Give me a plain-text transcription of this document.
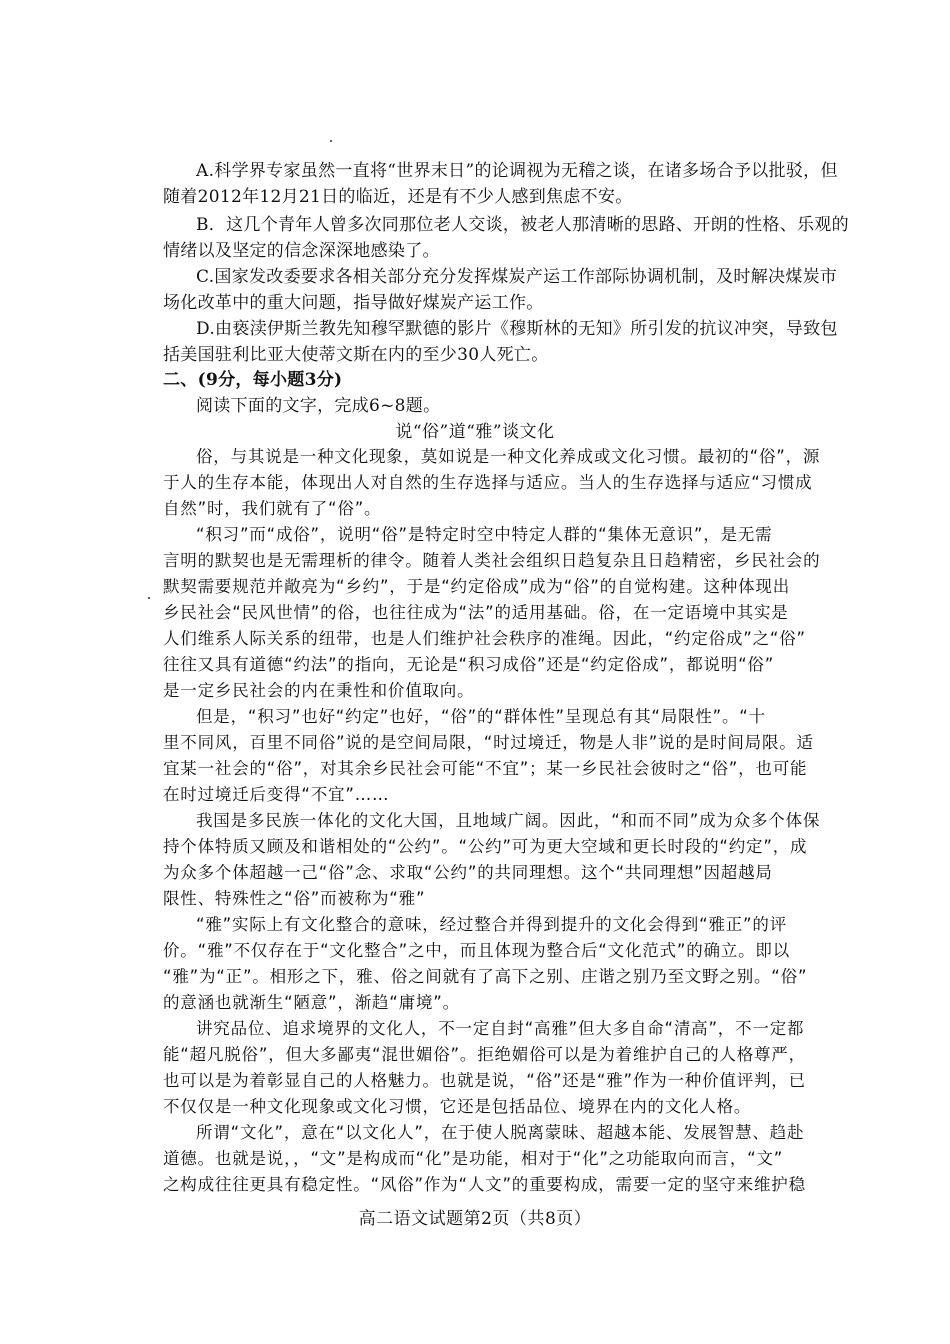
A.科学界专家虽然一直将“世界末日”的论调视为无稽之谈，在诸多场合予以批驳，但
随着2012年12月21日的临近，还是有不少人感到焦虑不安。
B．这几个青年人曾多次同那位老人交谈，被老人那清晰的思路、开朗的性格、乐观的
情绪以及坚定的信念深深地感染了。
C.国家发改委要求各相关部分充分发挥煤炭产运工作部际协调机制，及时解决煤炭市
场化改革中的重大问题，指导做好煤炭产运工作。
D.由亵渎伊斯兰教先知穆罕默德的影片《穆斯林的无知》所引发的抗议冲突，导致包
括美国驻利比亚大使蒂文斯在内的至少30人死亡。
二、(9分，每小题3分)
阅读下面的文字，完成6~8题。
说“俗”道“雅”谈文化
俗，与其说是一种文化现象，莫如说是一种文化养成或文化习惯。最初的“俗”，源
于人的生存本能，体现出人对自然的生存选择与适应。当人的生存选择与适应“习惯成
自然”时，我们就有了“俗”。
“积习”而“成俗”，说明“俗”是特定时空中特定人群的“集体无意识”，是无需
言明的默契也是无需理析的律令。随着人类社会组织日趋复杂且日趋精密，乡民社会的
默契需要规范并敞亮为“乡约”，于是“约定俗成”成为“俗”的自觉构建。这种体现出
乡民社会“民风世情”的俗，也往往成为“法”的适用基础。俗，在一定语境中其实是
人们维系人际关系的纽带，也是人们维护社会秩序的准绳。因此，“约定俗成”之“俗”
往往又具有道德“约法”的指向，无论是“积习成俗”还是“约定俗成”，都说明“俗”
是一定乡民社会的内在秉性和价值取向。
但是，“积习”也好“约定”也好，“俗”的“群体性”呈现总有其“局限性”。“十
里不同风，百里不同俗”说的是空间局限，“时过境迁，物是人非”说的是时间局限。适
宜某一社会的“俗”，对其余乡民社会可能“不宜”；某一乡民社会彼时之“俗”，也可能
在时过境迁后变得“不宜”……
我国是多民族一体化的文化大国，且地域广阔。因此，“和而不同”成为众多个体保
持个体特质又顾及和谐相处的“公约”。“公约”可为更大空域和更长时段的“约定”，成
为众多个体超越一己“俗”念、求取“公约”的共同理想。这个“共同理想”因超越局
限性、特殊性之“俗”而被称为“雅”
“雅”实际上有文化整合的意味，经过整合并得到提升的文化会得到“雅正”的评
价。“雅”不仅存在于“文化整合”之中，而且体现为整合后“文化范式”的确立。即以
“雅”为“正”。相形之下，雅、俗之间就有了高下之别、庄谐之别乃至文野之别。“俗”
的意涵也就渐生“陋意”，渐趋“庸境”。
讲究品位、追求境界的文化人，不一定自封“高雅”但大多自命“清高”，不一定都
能“超凡脱俗”，但大多鄙夷“混世媚俗”。拒绝媚俗可以是为着维护自己的人格尊严，
也可以是为着彰显自己的人格魅力。也就是说，“俗”还是“雅”作为一种价值评判，已
不仅仅是一种文化现象或文化习惯，它还是包括品位、境界在内的文化人格。
所谓“文化”，意在“以文化人”，在于使人脱离蒙昧、超越本能、发展智慧、趋赴
道德。也就是说，，“文”是构成而“化”是功能，相对于“化”之功能取向而言，“文”
之构成往往更具有稳定性。“风俗”作为“人文”的重要构成，需要一定的坚守来维护稳
高二语文试题第2页（共8页）
